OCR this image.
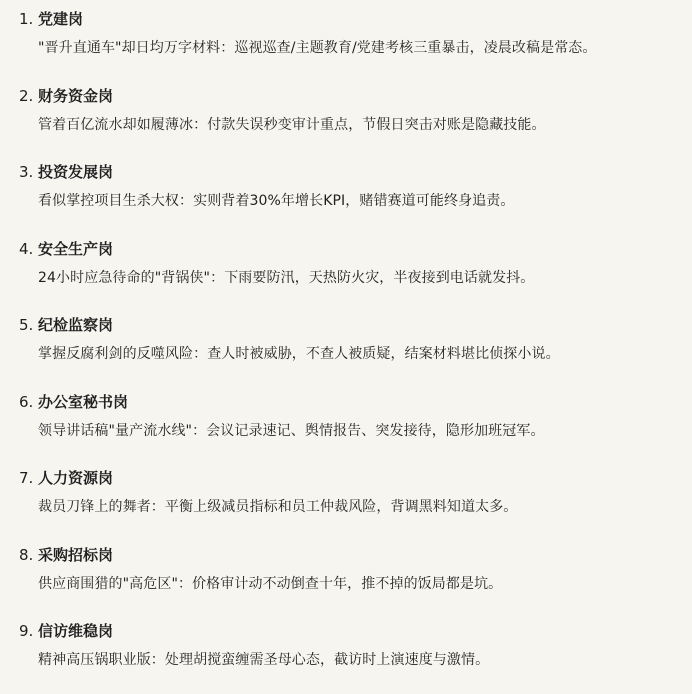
1. 党建岗
"晋升直通车"却日均万字材料：巡视巡查/主题教育/党建考核三重暴击，凌晨改稿是常态。
2. 财务资金岗
管着百亿流水却如履薄冰：付款失误秒变审计重点，节假日突击对账是隐藏技能。
3. 投资发展岗
看似掌控项目生杀大权：实则背着30%年增长KPI，赌错赛道可能终身追责。
4. 安全生产岗
24小时应急待命的"背锅侠"：下雨要防汛，天热防火灾，半夜接到电话就发抖。
5. 纪检监察岗
掌握反腐利剑的反噬风险：查人时被威胁，不查人被质疑，结案材料堪比侦探小说。
6. 办公室秘书岗
领导讲话稿"量产流水线"：会议记录速记、舆情报告、突发接待，隐形加班冠军。
7. 人力资源岗
裁员刀锋上的舞者：平衡上级减员指标和员工仲裁风险，背调黑料知道太多。
8. 采购招标岗
供应商围猎的"高危区"：价格审计动不动倒查十年，推不掉的饭局都是坑。
9. 信访维稳岗
精神高压锅职业版：处理胡搅蛮缠需圣母心态，截访时上演速度与激情。
